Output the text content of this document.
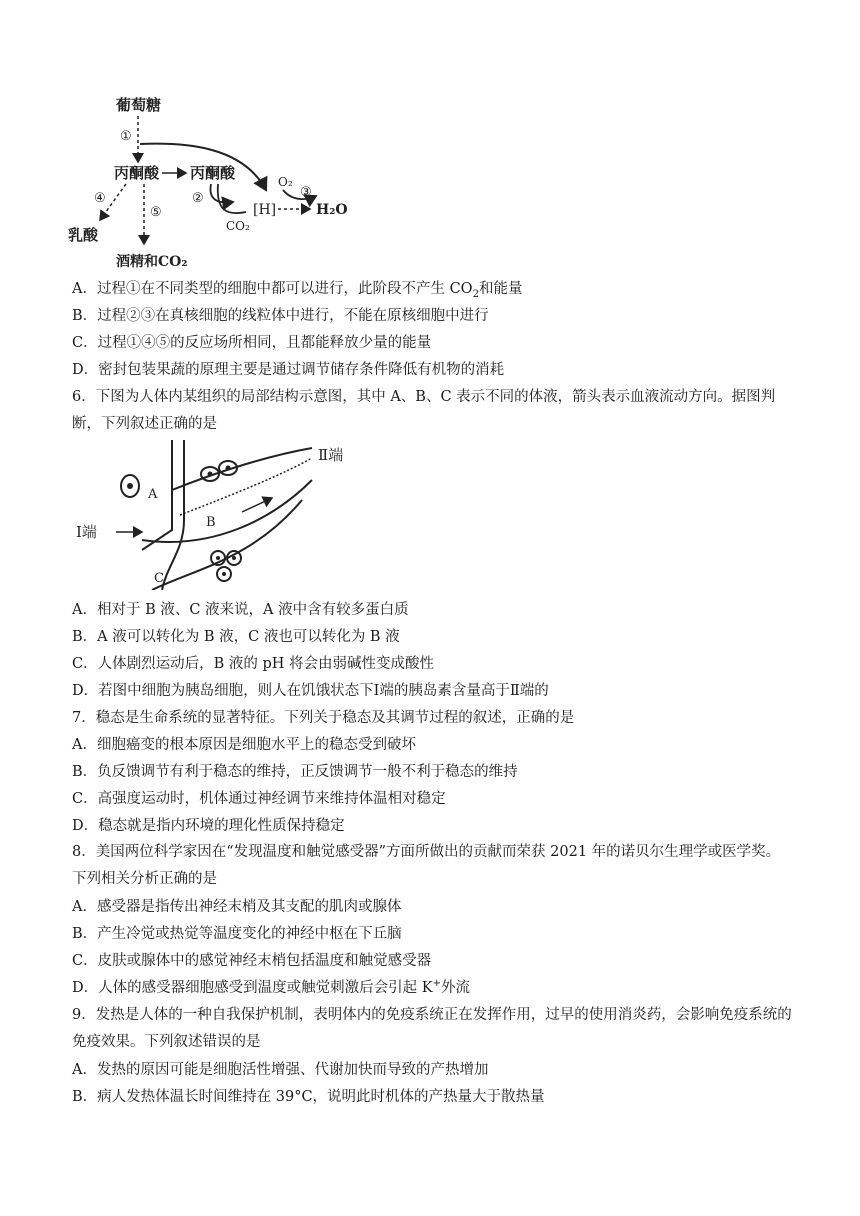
葡萄糖
①
丙酮酸 丙酮酸
②
CO₂
[H]
O₂
③
H₂O
④
乳酸
⑤
酒精和CO₂
A．过程①在不同类型的细胞中都可以进行，此阶段不产生 $CO_2$和能量
B．过程②③在真核细胞的线粒体中进行，不能在原核细胞中进行
C．过程①④⑤的反应场所相同，且都能释放少量的能量
D．密封包装果蔬的原理主要是通过调节储存条件降低有机物的消耗
6．下图为人体内某组织的局部结构示意图，其中 A、B、C 表示不同的体液，箭头表示血液流动方向。据图判断，下列叙述正确的是
Ⅱ端
Ⅰ端
A
B
C
A．相对于 B 液、C 液来说，A 液中含有较多蛋白质
B．A 液可以转化为 B 液，C 液也可以转化为 B 液
C．人体剧烈运动后，B 液的 pH 将会由弱碱性变成酸性
D．若图中细胞为胰岛细胞，则人在饥饿状态下Ⅰ端的胰岛素含量高于Ⅱ端的
7．稳态是生命系统的显著特征。下列关于稳态及其调节过程的叙述，正确的是
A．细胞癌变的根本原因是细胞水平上的稳态受到破坏
B．负反馈调节有利于稳态的维持，正反馈调节一般不利于稳态的维持
C．高强度运动时，机体通过神经调节来维持体温相对稳定
D．稳态就是指内环境的理化性质保持稳定
8．美国两位科学家因在“发现温度和触觉感受器”方面所做出的贡献而荣获 2021 年的诺贝尔生理学或医学奖。下列相关分析正确的是
A．感受器是指传出神经末梢及其支配的肌肉或腺体
B．产生冷觉或热觉等温度变化的神经中枢在下丘脑
C．皮肤或腺体中的感觉神经末梢包括温度和触觉感受器
D．人体的感受器细胞感受到温度或触觉刺激后会引起 K+外流
9．发热是人体的一种自我保护机制，表明体内的免疫系统正在发挥作用，过早的使用消炎药，会影响免疫系统的免疫效果。下列叙述错误的是
A．发热的原因可能是细胞活性增强、代谢加快而导致的产热增加
B．病人发热体温长时间维持在 39°C，说明此时机体的产热量大于散热量
